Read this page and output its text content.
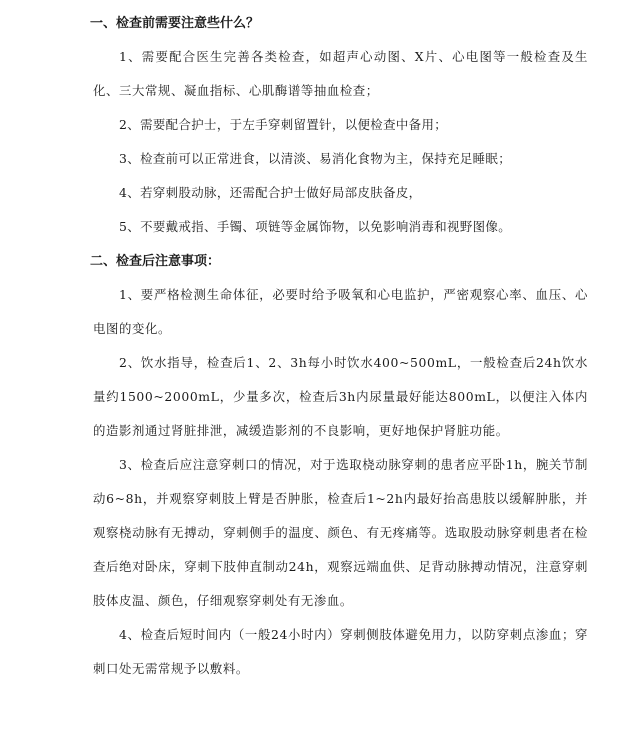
一、检查前需要注意些什么？

1、需要配合医生完善各类检查，如超声心动图、X片、心电图等一般检查及生化、三大常规、凝血指标、心肌酶谱等抽血检查；

2、需要配合护士，于左手穿刺留置针，以便检查中备用；

3、检查前可以正常进食，以清淡、易消化食物为主，保持充足睡眠；

4、若穿刺股动脉，还需配合护士做好局部皮肤备皮，

5、不要戴戒指、手镯、项链等金属饰物，以免影响消毒和视野图像。

二、检查后注意事项：

1、要严格检测生命体征，必要时给予吸氧和心电监护，严密观察心率、血压、心电图的变化。

2、饮水指导，检查后1、2、3h每小时饮水400~500mL，一般检查后24h饮水量约1500~2000mL，少量多次，检查后3h内尿量最好能达800mL，以便注入体内的造影剂通过肾脏排泄，减缓造影剂的不良影响，更好地保护肾脏功能。

3、检查后应注意穿刺口的情况，对于选取桡动脉穿刺的患者应平卧1h，腕关节制动6~8h，并观察穿刺肢上臂是否肿胀，检查后1~2h内最好抬高患肢以缓解肿胀，并观察桡动脉有无搏动，穿刺侧手的温度、颜色、有无疼痛等。选取股动脉穿刺患者在检查后绝对卧床，穿刺下肢伸直制动24h，观察远端血供、足背动脉搏动情况，注意穿刺肢体皮温、颜色，仔细观察穿刺处有无渗血。

4、检查后短时间内（一般24小时内）穿刺侧肢体避免用力，以防穿刺点渗血；穿刺口处无需常规予以敷料。
